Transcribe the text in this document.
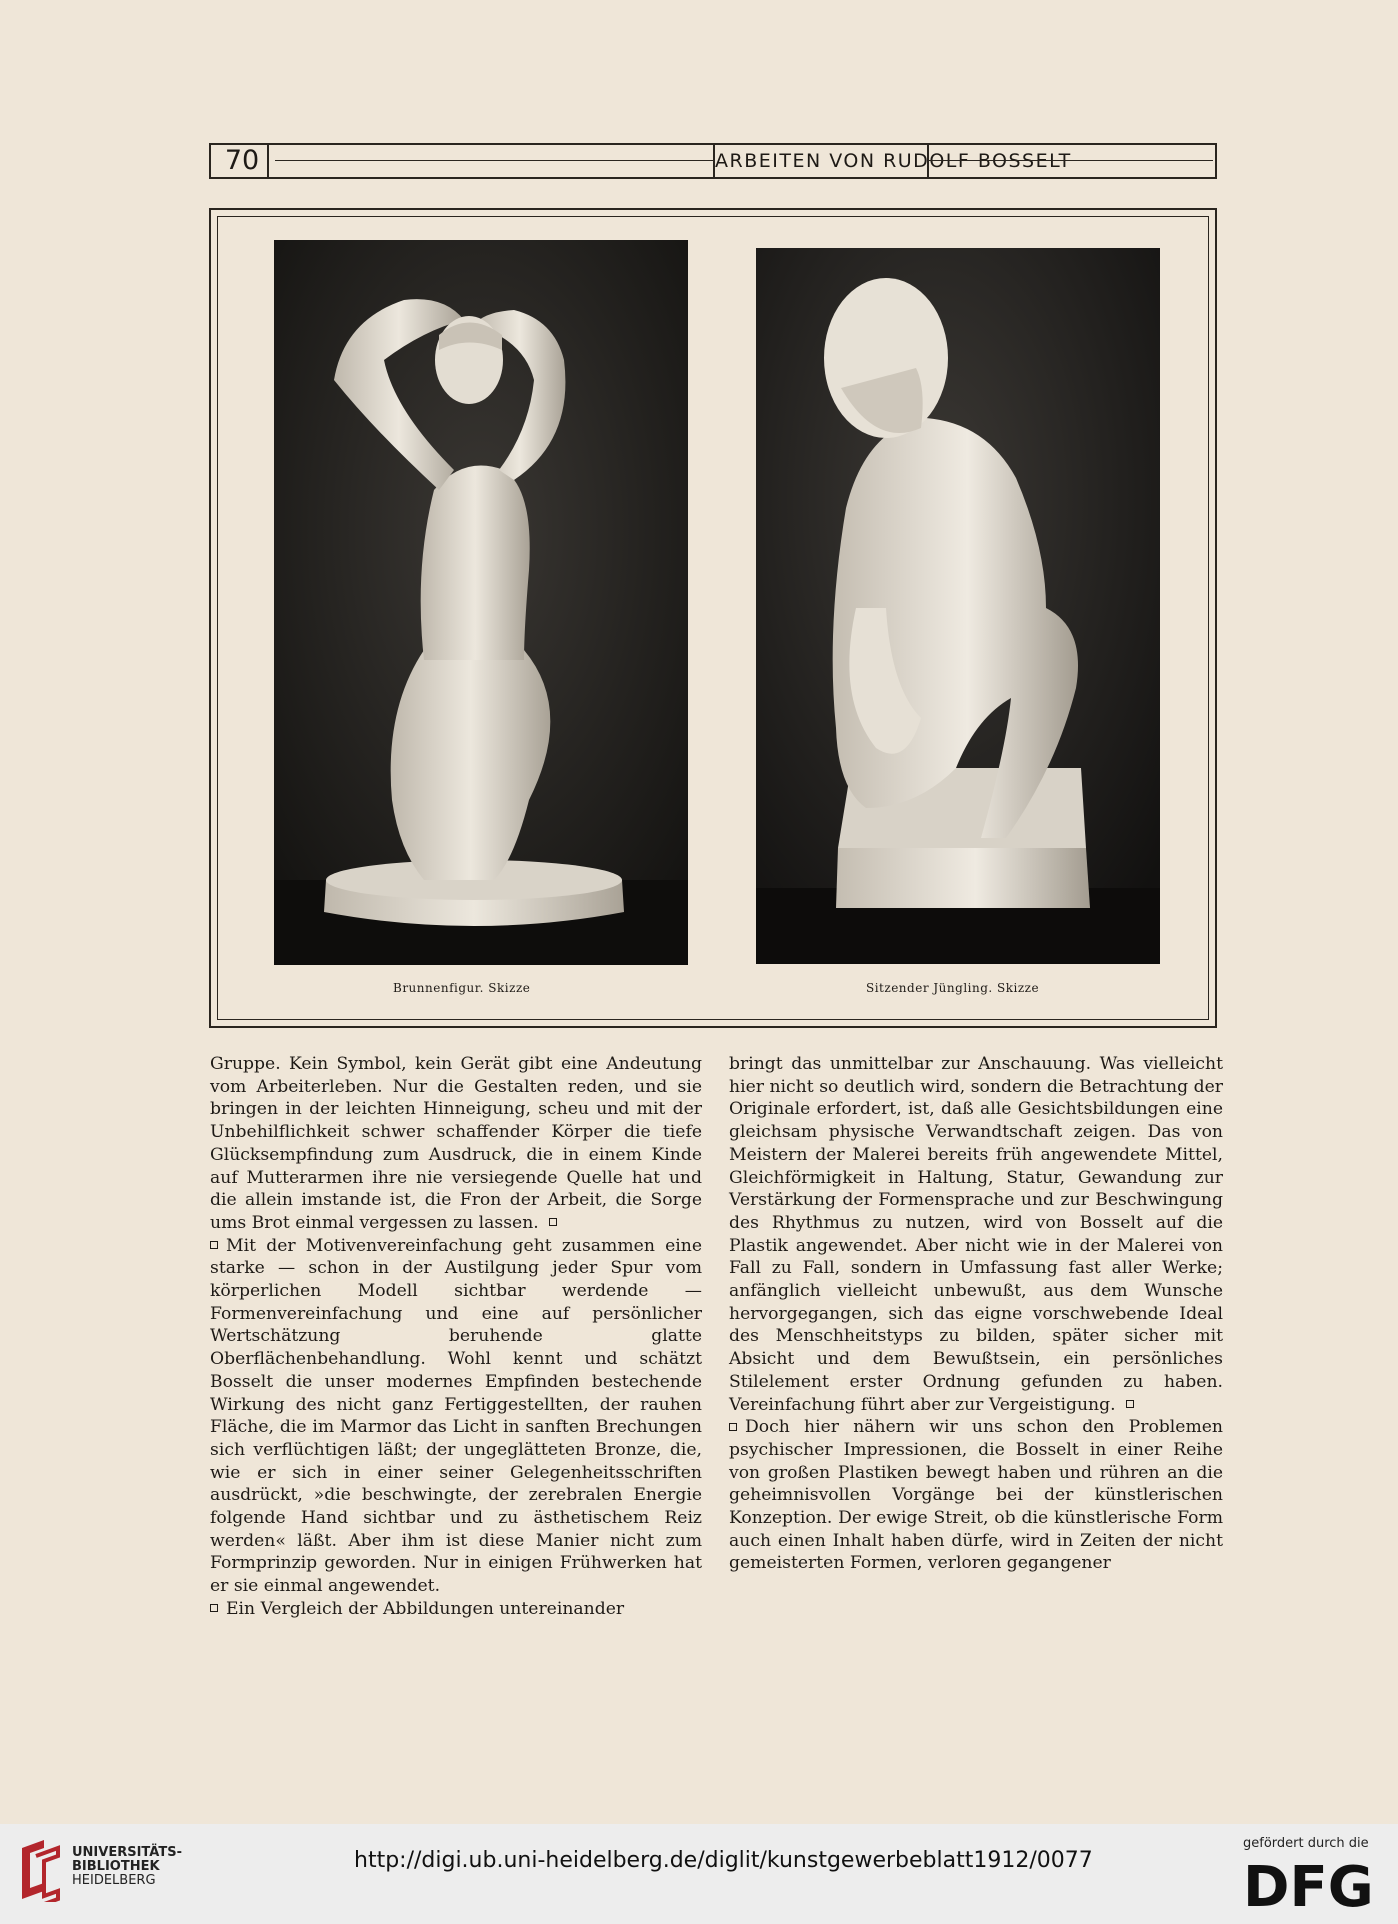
70	ARBEITEN VON RUDOLF BOSSELT
Brunnenfigur. Skizze	Sitzender Jüngling. Skizze

Gruppe. Kein Symbol, kein Gerät gibt eine Andeutung vom Arbeiterleben. Nur die Gestalten reden, und sie bringen in der leichten Hinneigung, scheu und mit der Unbehilflichkeit schwer schaffender Körper die tiefe Glücksempfindung zum Ausdruck, die in einem Kinde auf Mutterarmen ihre nie versiegende Quelle hat und die allein imstande ist, die Fron der Arbeit, die Sorge ums Brot einmal vergessen zu lassen.

Mit der Motivenvereinfachung geht zusammen eine starke — schon in der Austilgung jeder Spur vom körperlichen Modell sichtbar werdende — Formenvereinfachung und eine auf persönlicher Wertschätzung beruhende glatte Oberflächenbehandlung. Wohl kennt und schätzt Bosselt die unser modernes Empfinden bestechende Wirkung des nicht ganz Fertiggestellten, der rauhen Fläche, die im Marmor das Licht in sanften Brechungen sich verflüchtigen läßt; der ungeglätteten Bronze, die, wie er sich in einer seiner Gelegenheitsschriften ausdrückt, »die beschwingte, der zerebralen Energie folgende Hand sichtbar und zu ästhetischem Reiz werden« läßt. Aber ihm ist diese Manier nicht zum Formprinzip geworden. Nur in einigen Frühwerken hat er sie einmal angewendet.

Ein Vergleich der Abbildungen untereinander

bringt das unmittelbar zur Anschauung. Was vielleicht hier nicht so deutlich wird, sondern die Betrachtung der Originale erfordert, ist, daß alle Gesichtsbildungen eine gleichsam physische Verwandtschaft zeigen. Das von Meistern der Malerei bereits früh angewendete Mittel, Gleichförmigkeit in Haltung, Statur, Gewandung zur Verstärkung der Formensprache und zur Beschwingung des Rhythmus zu nutzen, wird von Bosselt auf die Plastik angewendet. Aber nicht wie in der Malerei von Fall zu Fall, sondern in Umfassung fast aller Werke; anfänglich vielleicht unbewußt, aus dem Wunsche hervorgegangen, sich das eigne vorschwebende Ideal des Menschheitstyps zu bilden, später sicher mit Absicht und dem Bewußtsein, ein persönliches Stilelement erster Ordnung gefunden zu haben. Vereinfachung führt aber zur Vergeistigung.

Doch hier nähern wir uns schon den Problemen psychischer Impressionen, die Bosselt in einer Reihe von großen Plastiken bewegt haben und rühren an die geheimnisvollen Vorgänge bei der künstlerischen Konzeption. Der ewige Streit, ob die künstlerische Form auch einen Inhalt haben dürfe, wird in Zeiten der nicht gemeisterten Formen, verloren gegangener

UNIVERSITÄTS-
BIBLIOTHEK
HEIDELBERG
http://digi.ub.uni-heidelberg.de/diglit/kunstgewerbeblatt1912/0077
gefördert durch die
DFG
